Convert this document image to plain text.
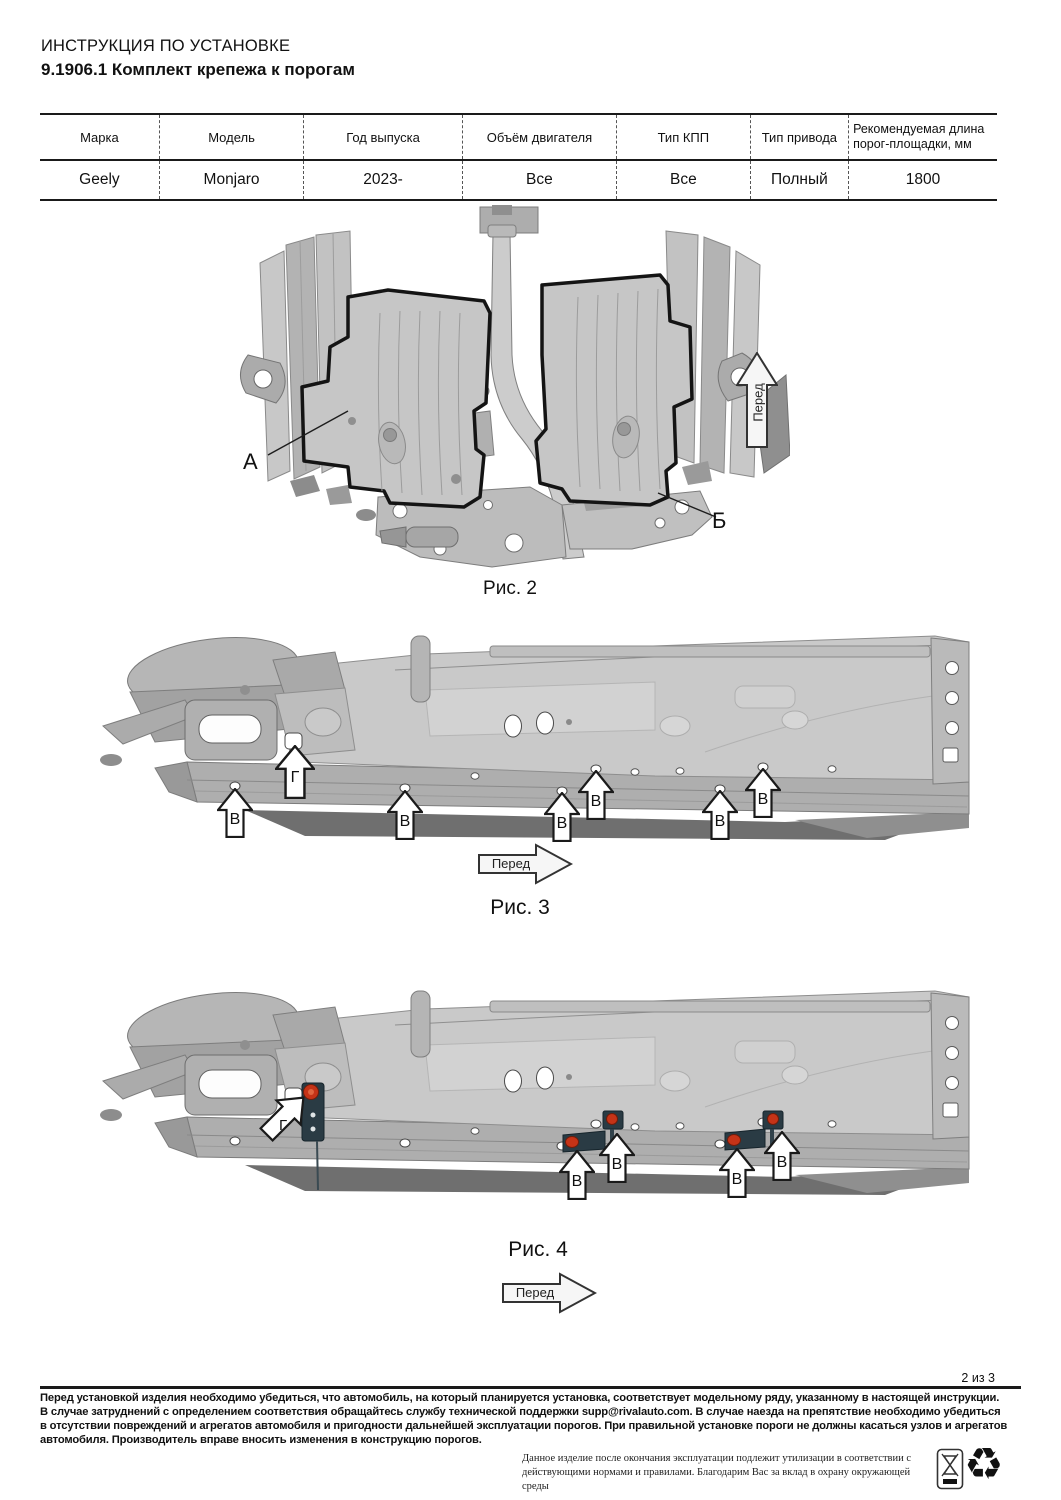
ИНСТРУКЦИЯ ПО УСТАНОВКЕ
9.1906.1 Комплект крепежа к порогам
Марка	Модель	Год выпуска	Объём двигателя	Тип КПП	Тип привода	Рекомендуемая длина порог-площадки, мм
Geely	Monjaro	2023-	Все	Все	Полный	1800
А
Б
Перед
Рис. 2
Г
В	В	В
В
В
В
Перед
Рис. 3
Г
В
В
В
В
Рис. 4
Перед
2 из 3
Перед установкой изделия необходимо убедиться, что автомобиль, на который планируется установка, соответствует модельному ряду, указанному в настоящей инструкции.
В случае затруднений с определением соответствия обращайтесь службу технической поддержки supp@rivalauto.com. В случае наезда на препятствие необходимо убедиться
в отсутствии повреждений и агрегатов автомобиля и пригодности дальнейшей эксплуатации порогов. При правильной установке пороги не должны касаться узлов и агрегатов
автомобиля. Производитель вправе вносить изменения в конструкцию порогов.
Данное изделие после окончания эксплуатации подлежит утилизации в соответствии с действующими нормами и правилами. Благодарим Вас за вклад в охрану окружающей среды	♻
